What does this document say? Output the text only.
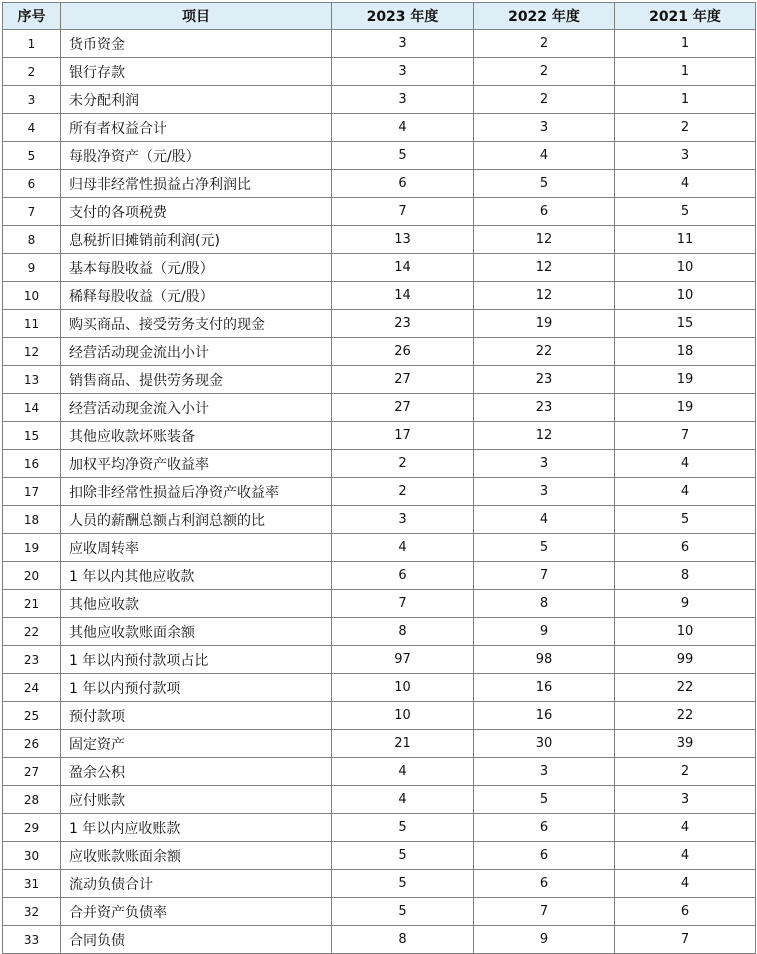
序号	项目	2023 年度	2022 年度	2021 年度
1	货币资金	3	2	1
2	银行存款	3	2	1
3	未分配利润	3	2	1
4	所有者权益合计	4	3	2
5	每股净资产（元/股）	5	4	3
6	归母非经常性损益占净利润比	6	5	4
7	支付的各项税费	7	6	5
8	息税折旧摊销前利润(元)	13	12	11
9	基本每股收益（元/股）	14	12	10
10	稀释每股收益（元/股）	14	12	10
11	购买商品、接受劳务支付的现金	23	19	15
12	经营活动现金流出小计	26	22	18
13	销售商品、提供劳务现金	27	23	19
14	经营活动现金流入小计	27	23	19
15	其他应收款坏账装备	17	12	7
16	加权平均净资产收益率	2	3	4
17	扣除非经常性损益后净资产收益率	2	3	4
18	人员的薪酬总额占利润总额的比	3	4	5
19	应收周转率	4	5	6
20	1 年以内其他应收款	6	7	8
21	其他应收款	7	8	9
22	其他应收款账面余额	8	9	10
23	1 年以内预付款项占比	97	98	99
24	1 年以内预付款项	10	16	22
25	预付款项	10	16	22
26	固定资产	21	30	39
27	盈余公积	4	3	2
28	应付账款	4	5	3
29	1 年以内应收账款	5	6	4
30	应收账款账面余额	5	6	4
31	流动负债合计	5	6	4
32	合并资产负债率	5	7	6
33	合同负债	8	9	7
